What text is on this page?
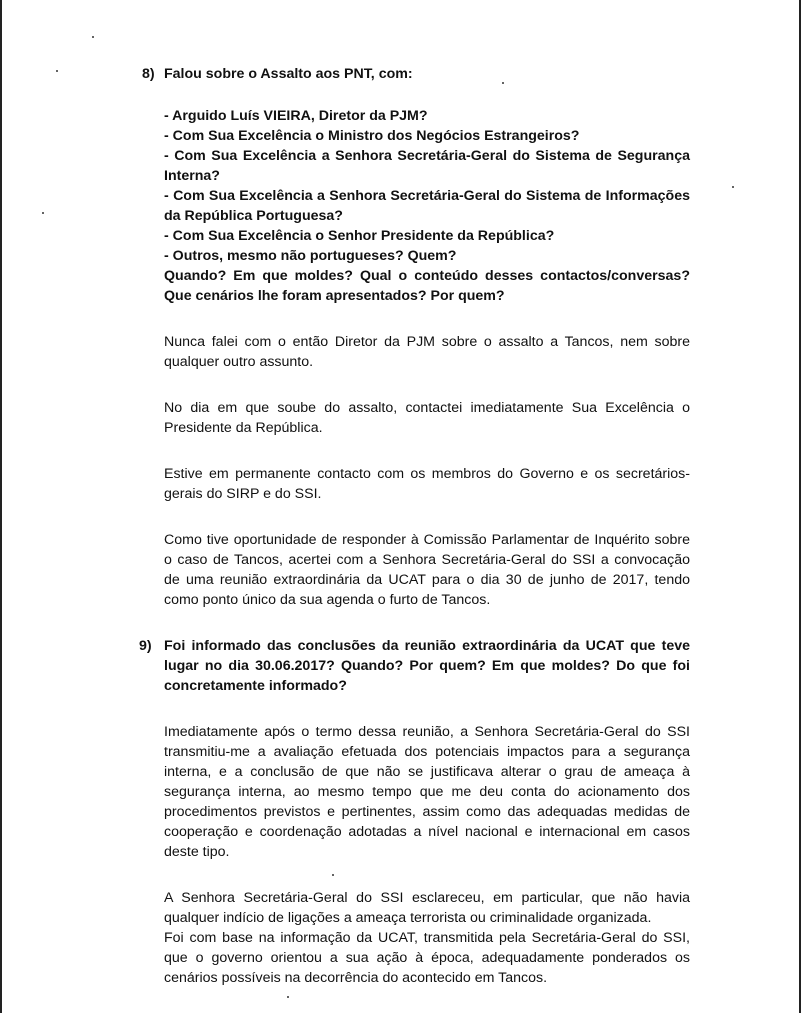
8) Falou sobre o Assalto aos PNT, com:

- Arguido Luís VIEIRA, Diretor da PJM?

- Com Sua Excelência o Ministro dos Negócios Estrangeiros?

- Com Sua Excelência a Senhora Secretária-Geral do Sistema de Segurança Interna?

- Com Sua Excelência a Senhora Secretária-Geral do Sistema de Informações da República Portuguesa?

- Com Sua Excelência o Senhor Presidente da República?

- Outros, mesmo não portugueses? Quem?

Quando? Em que moldes? Qual o conteúdo desses contactos/conversas? Que cenários lhe foram apresentados? Por quem?

Nunca falei com o então Diretor da PJM sobre o assalto a Tancos, nem sobre qualquer outro assunto.

No dia em que soube do assalto, contactei imediatamente Sua Excelência o Presidente da República.

Estive em permanente contacto com os membros do Governo e os secretários-gerais do SIRP e do SSI.

Como tive oportunidade de responder à Comissão Parlamentar de Inquérito sobre o caso de Tancos, acertei com a Senhora Secretária-Geral do SSI a convocação de uma reunião extraordinária da UCAT para o dia 30 de junho de 2017, tendo como ponto único da sua agenda o furto de Tancos.

9) Foi informado das conclusões da reunião extraordinária da UCAT que teve lugar no dia 30.06.2017? Quando? Por quem? Em que moldes? Do que foi concretamente informado?

Imediatamente após o termo dessa reunião, a Senhora Secretária-Geral do SSI transmitiu-me a avaliação efetuada dos potenciais impactos para a segurança interna, e a conclusão de que não se justificava alterar o grau de ameaça à segurança interna, ao mesmo tempo que me deu conta do acionamento dos procedimentos previstos e pertinentes, assim como das adequadas medidas de cooperação e coordenação adotadas a nível nacional e internacional em casos deste tipo.

A Senhora Secretária-Geral do SSI esclareceu, em particular, que não havia qualquer indício de ligações a ameaça terrorista ou criminalidade organizada.

Foi com base na informação da UCAT, transmitida pela Secretária-Geral do SSI, que o governo orientou a sua ação à época, adequadamente ponderados os cenários possíveis na decorrência do acontecido em Tancos.
